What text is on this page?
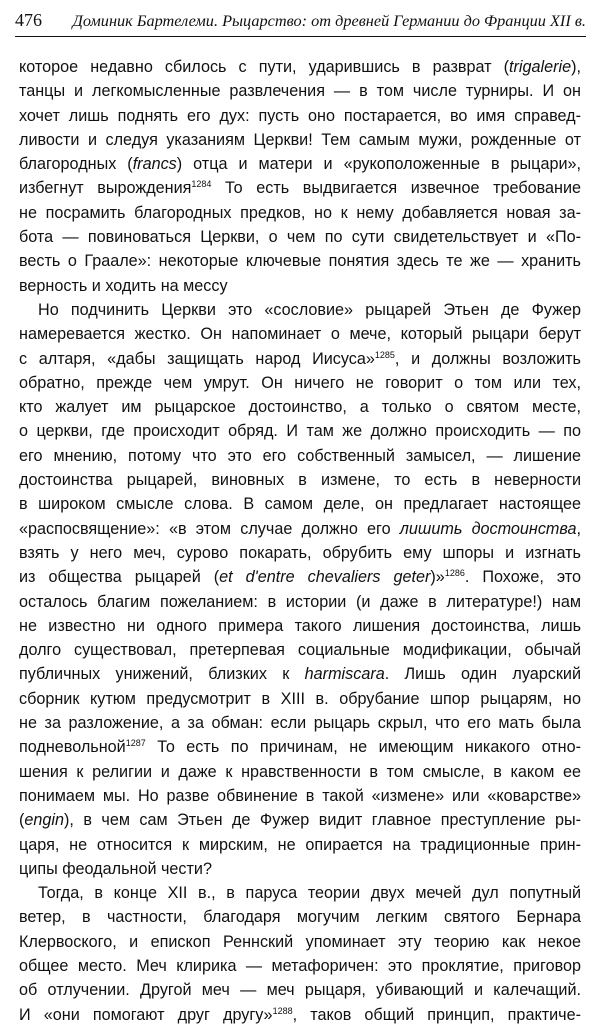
476 Доминик Бартелеми. Рыцарство: от древней Германии до Франции XII в.
которое недавно сбилось с пути, ударившись в разврат (trigalerie),
танцы и легкомысленные развлечения — в том числе турниры. И он
хочет лишь поднять его дух: пусть оно постарается, во имя справед-
ливости и следуя указаниям Церкви! Тем самым мужи, рожденные от
благородных (francs) отца и матери и «рукоположенные в рыцари»,
избегнут вырождения$^{1284}$ То есть выдвигается извечное требование
не посрамить благородных предков, но к нему добавляется новая за-
бота — повиноваться Церкви, о чем по сути свидетельствует и «По-
весть о Граале»: некоторые ключевые понятия здесь те же — хранить
верность и ходить на мессу
Но подчинить Церкви это «сословие» рыцарей Этьен де Фужер
намеревается жестко. Он напоминает о мече, который рыцари берут
с алтаря, «дабы защищать народ Иисуса»$^{1285}$, и должны возложить
обратно, прежде чем умрут. Он ничего не говорит о том или тех,
кто жалует им рыцарское достоинство, а только о святом месте,
о церкви, где происходит обряд. И там же должно происходить — по
его мнению, потому что это его собственный замысел, — лишение
достоинства рыцарей, виновных в измене, то есть в неверности
в широком смысле слова. В самом деле, он предлагает настоящее
«распосвящение»: «в этом случае должно его лишить достоинства,
взять у него меч, сурово покарать, обрубить ему шпоры и изгнать
из общества рыцарей (et d'entre chevaliers geter)»$^{1286}$. Похоже, это
осталось благим пожеланием: в истории (и даже в литературе!) нам
не известно ни одного примера такого лишения достоинства, лишь
долго существовал, претерпевая социальные модификации, обычай
публичных унижений, близких к harmiscara. Лишь один луарский
сборник кутюм предусмотрит в XIII в. обрубание шпор рыцарям, но
не за разложение, а за обман: если рыцарь скрыл, что его мать была
подневольной$^{1287}$ То есть по причинам, не имеющим никакого отно-
шения к религии и даже к нравственности в том смысле, в каком ее
понимаем мы. Но разве обвинение в такой «измене» или «коварстве»
(engin), в чем сам Этьен де Фужер видит главное преступление ры-
царя, не относится к мирским, не опирается на традиционные прин-
ципы феодальной чести?
Тогда, в конце XII в., в парусa теории двух мечей дул попутный
ветер, в частности, благодаря могучим легким святого Бернара
Клервоского, и епископ Реннский упоминает эту теорию как некое
общее место. Меч клирика — метафоричен: это проклятие, приговор
об отлучении. Другой меч — меч рыцаря, убивающий и калечащий.
И «они помогают друг другу»$^{1288}$, таков общий принцип, практиче-
